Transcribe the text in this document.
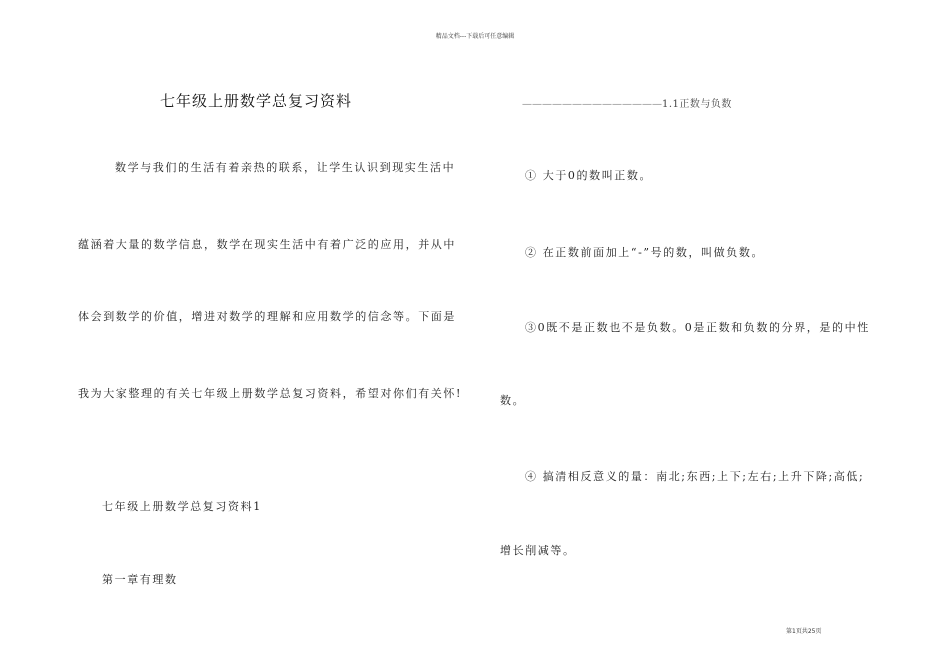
精品文档---下载后可任意编辑
七年级上册数学总复习资料
数学与我们的生活有着亲热的联系，让学生认识到现实生活中
蕴涵着大量的数学信息，数学在现实生活中有着广泛的应用，并从中
体会到数学的价值，增进对数学的理解和应用数学的信念等。下面是
我为大家整理的有关七年级上册数学总复习资料，希望对你们有关怀!
七年级上册数学总复习资料1
第一章有理数
——————————————1.1正数与负数
① 大于0的数叫正数。
② 在正数前面加上“-”号的数，叫做负数。
③0既不是正数也不是负数。0是正数和负数的分界，是的中性
数。
④ 搞清相反意义的量：南北;东西;上下;左右;上升下降;高低;
增长削减等。
第1页共25页
